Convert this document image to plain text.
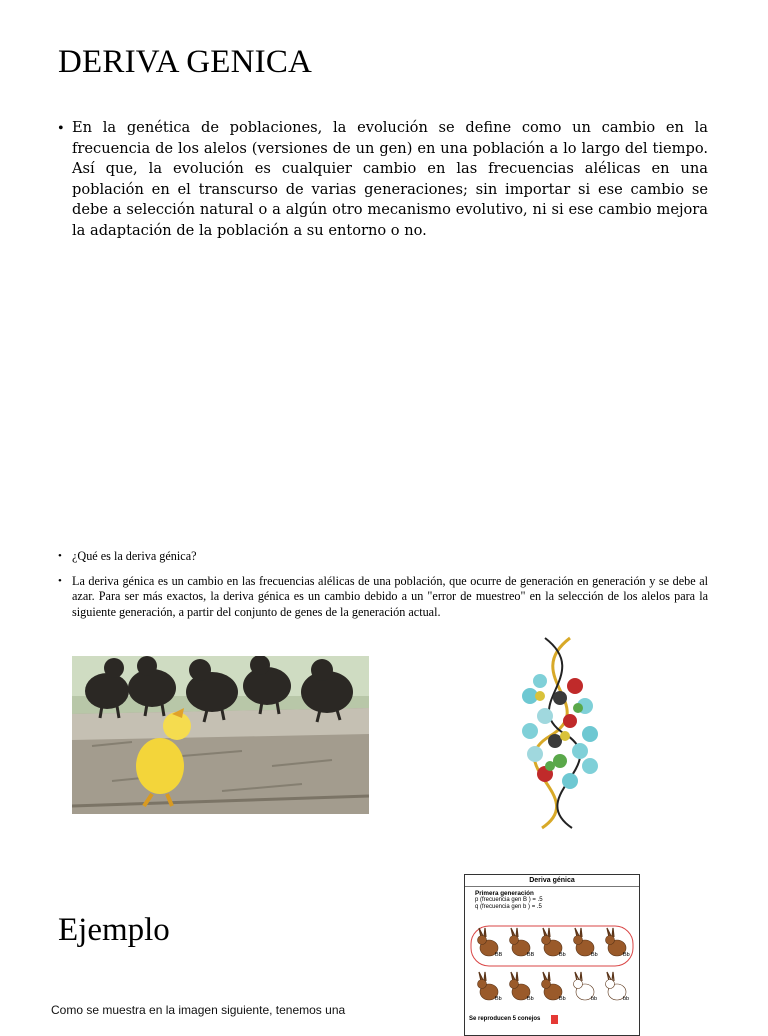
DERIVA GENICA
• En la genética de poblaciones, la evolución se define como un cambio en la frecuencia de los alelos (versiones de un gen) en una población a lo largo del tiempo. Así que, la evolución es cualquier cambio en las frecuencias alélicas en una población en el transcurso de varias generaciones; sin importar si ese cambio se debe a selección natural o a algún otro mecanismo evolutivo, ni si ese cambio mejora la adaptación de la población a su entorno o no.
• ¿Qué es la deriva génica?
• La deriva génica es un cambio en las frecuencias alélicas de una población, que ocurre de generación en generación y se debe al azar. Para ser más exactos, la deriva génica es un cambio debido a un "error de muestreo" en la selección de los alelos para la siguiente generación, a partir del conjunto de genes de la generación actual.
Ejemplo
Como se muestra en la imagen siguiente, tenemos una
Deriva génica
Primera generación
p (frecuencia gen B ) = .5
q (frecuencia gen b ) = .5
BB	BB	Bb	Bb	Bb
Bb	Bb	Bb	bb	bb
Se reproducen 5 conejos
